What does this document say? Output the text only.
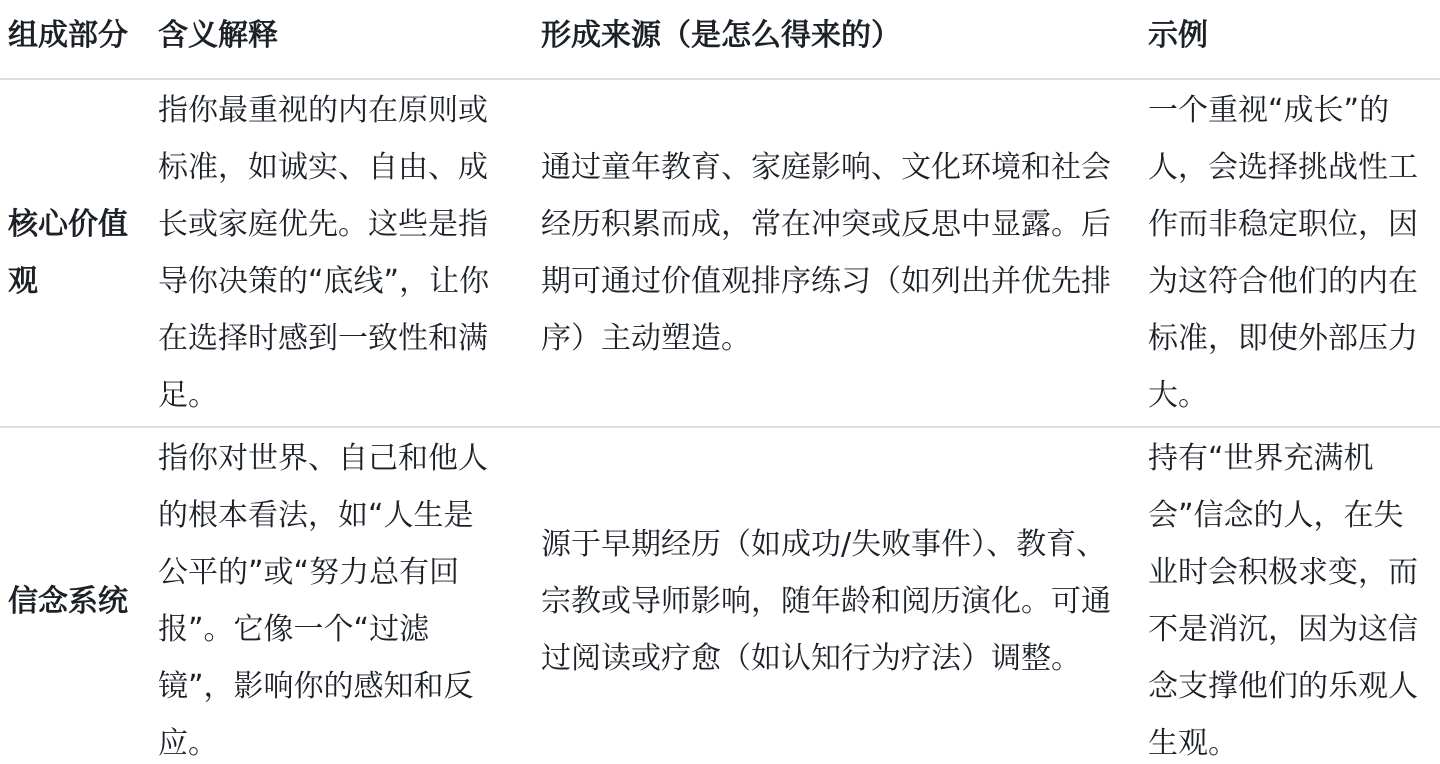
组成部分	含义解释	形成来源（是怎么得来的）	示例
核心价值观	指你最重视的内在原则或标准，如诚实、自由、成长或家庭优先。这些是指导你决策的“底线”，让你在选择时感到一致性和满足。	通过童年教育、家庭影响、文化环境和社会经历积累而成，常在冲突或反思中显露。后期可通过价值观排序练习（如列出并优先排序）主动塑造。	一个重视“成长”的人，会选择挑战性工作而非稳定职位，因为这符合他们的内在标准，即使外部压力大。
信念系统	指你对世界、自己和他人的根本看法，如“人生是公平的”或“努力总有回报”。它像一个“过滤镜”，影响你的感知和反应。	源于早期经历（如成功/失败事件）、教育、宗教或导师影响，随年龄和阅历演化。可通过阅读或疗愈（如认知行为疗法）调整。	持有“世界充满机会”信念的人，在失业时会积极求变，而不是消沉，因为这信念支撑他们的乐观人生观。
